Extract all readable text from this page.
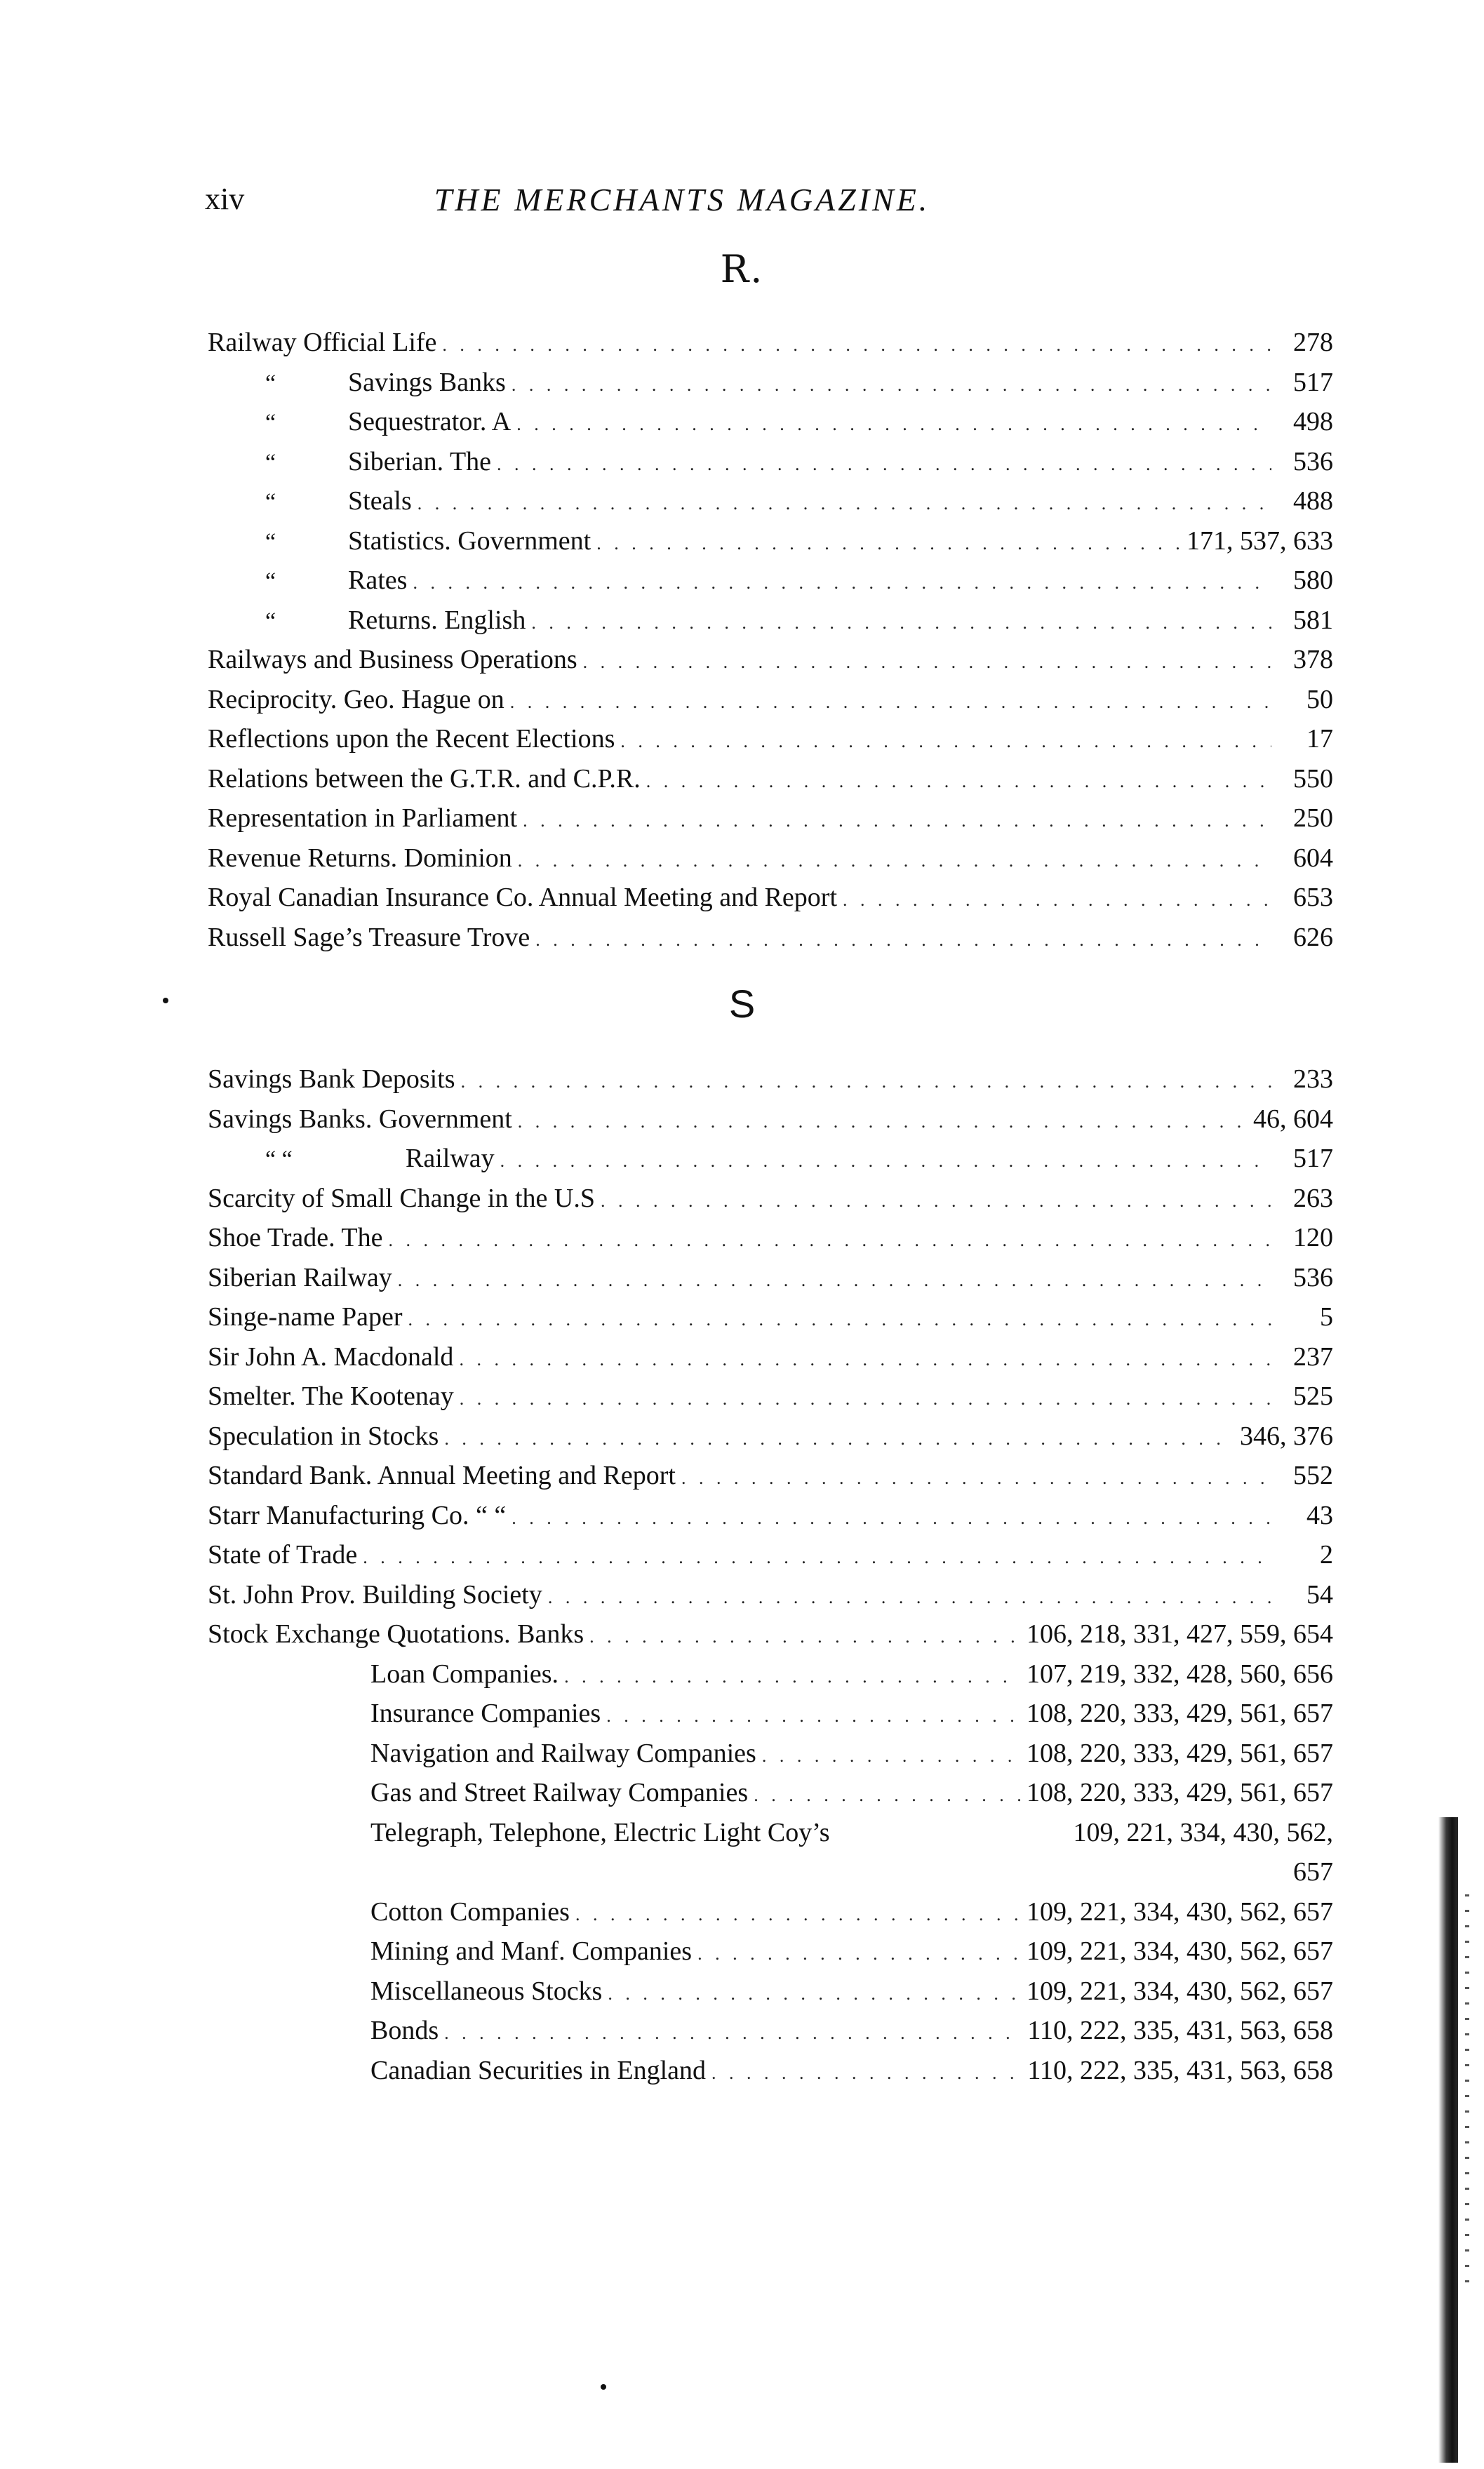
xiv	THE MERCHANTS MAGAZINE.
R.
Railway Official Life . . .	278
“	Savings Banks . . .	517
“	Sequestrator. A . . .	498
“	Siberian. The . . .	536
“	Steals . . .	488
“	Statistics. Government . . .	171, 537, 633
“	Rates . . .	580
“	Returns. English . . .	581
Railways and Business Operations . . .	378
Reciprocity. Geo. Hague on . . .	50
Reflections upon the Recent Elections . . .	17
Relations between the G.T.R. and C.P.R. . . .	550
Representation in Parliament . . .	250
Revenue Returns. Dominion . . .	604
Royal Canadian Insurance Co. Annual Meeting and Report . . .	653
Russell Sage’s Treasure Trove . . .	626
S
Savings Bank Deposits . . .	233
Savings Banks. Government . . .	46, 604
“ “	Railway . . .	517
Scarcity of Small Change in the U.S . . .	263
Shoe Trade. The . . .	120
Siberian Railway . . .	536
Singe-name Paper . . .	5
Sir John A. Macdonald . . .	237
Smelter. The Kootenay . . .	525
Speculation in Stocks . . .	346, 376
Standard Bank. Annual Meeting and Report . . .	552
Starr Manufacturing Co. “ “ . . .	43
State of Trade . . .	2
St. John Prov. Building Society . . .	54
Stock Exchange Quotations. Banks . . .	106, 218, 331, 427, 559, 654
Loan Companies. . . .	107, 219, 332, 428, 560, 656
Insurance Companies . . .	108, 220, 333, 429, 561, 657
Navigation and Railway Companies . . .	108, 220, 333, 429, 561, 657
Gas and Street Railway Companies . . .	108, 220, 333, 429, 561, 657
Telegraph, Telephone, Electric Light Coy’s	109, 221, 334, 430, 562,
657
Cotton Companies . . .	109, 221, 334, 430, 562, 657
Mining and Manf. Companies . . .	109, 221, 334, 430, 562, 657
Miscellaneous Stocks . . .	109, 221, 334, 430, 562, 657
Bonds . . .	110, 222, 335, 431, 563, 658
Canadian Securities in England . . .	110, 222, 335, 431, 563, 658
